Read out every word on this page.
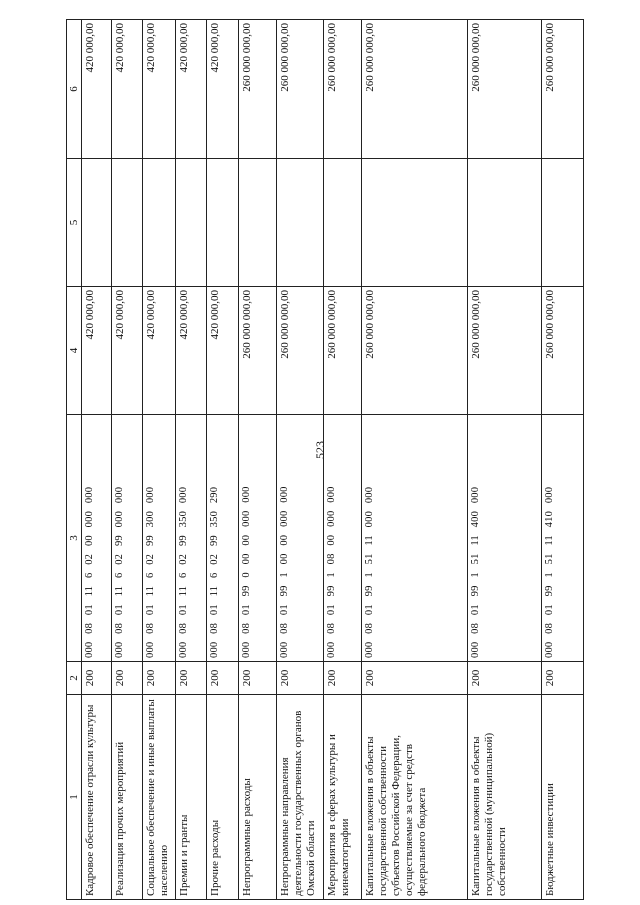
523
1	2	3	4	5	6
Кадровое обеспечение отрасли культуры	200	000 08 01 11 6 02 00 000 000	420 000,00		420 000,00
Реализация прочих мероприятий	200	000 08 01 11 6 02 99 000 000	420 000,00		420 000,00
Социальное обеспечение и иные выплаты населению	200	000 08 01 11 6 02 99 300 000	420 000,00		420 000,00
Премии и гранты	200	000 08 01 11 6 02 99 350 000	420 000,00		420 000,00
Прочие расходы	200	000 08 01 11 6 02 99 350 290	420 000,00		420 000,00
Непрограммные расходы	200	000 08 01 99 0 00 00 000 000	260 000 000,00		260 000 000,00
Непрограммные направления деятельности государственных органов Омской области	200	000 08 01 99 1 00 00 000 000	260 000 000,00		260 000 000,00
Мероприятия в сферах культуры и кинематографии	200	000 08 01 99 1 08 00 000 000	260 000 000,00		260 000 000,00
Капитальные вложения в объекты государственной собственности субъектов Российской Федерации, осуществляемые за счет средств федерального бюджета	200	000 08 01 99 1 51 11 000 000	260 000 000,00		260 000 000,00
Капитальные вложения в объекты государственной (муниципальной) собственности	200	000 08 01 99 1 51 11 400 000	260 000 000,00		260 000 000,00
Бюджетные инвестиции	200	000 08 01 99 1 51 11 410 000	260 000 000,00		260 000 000,00
